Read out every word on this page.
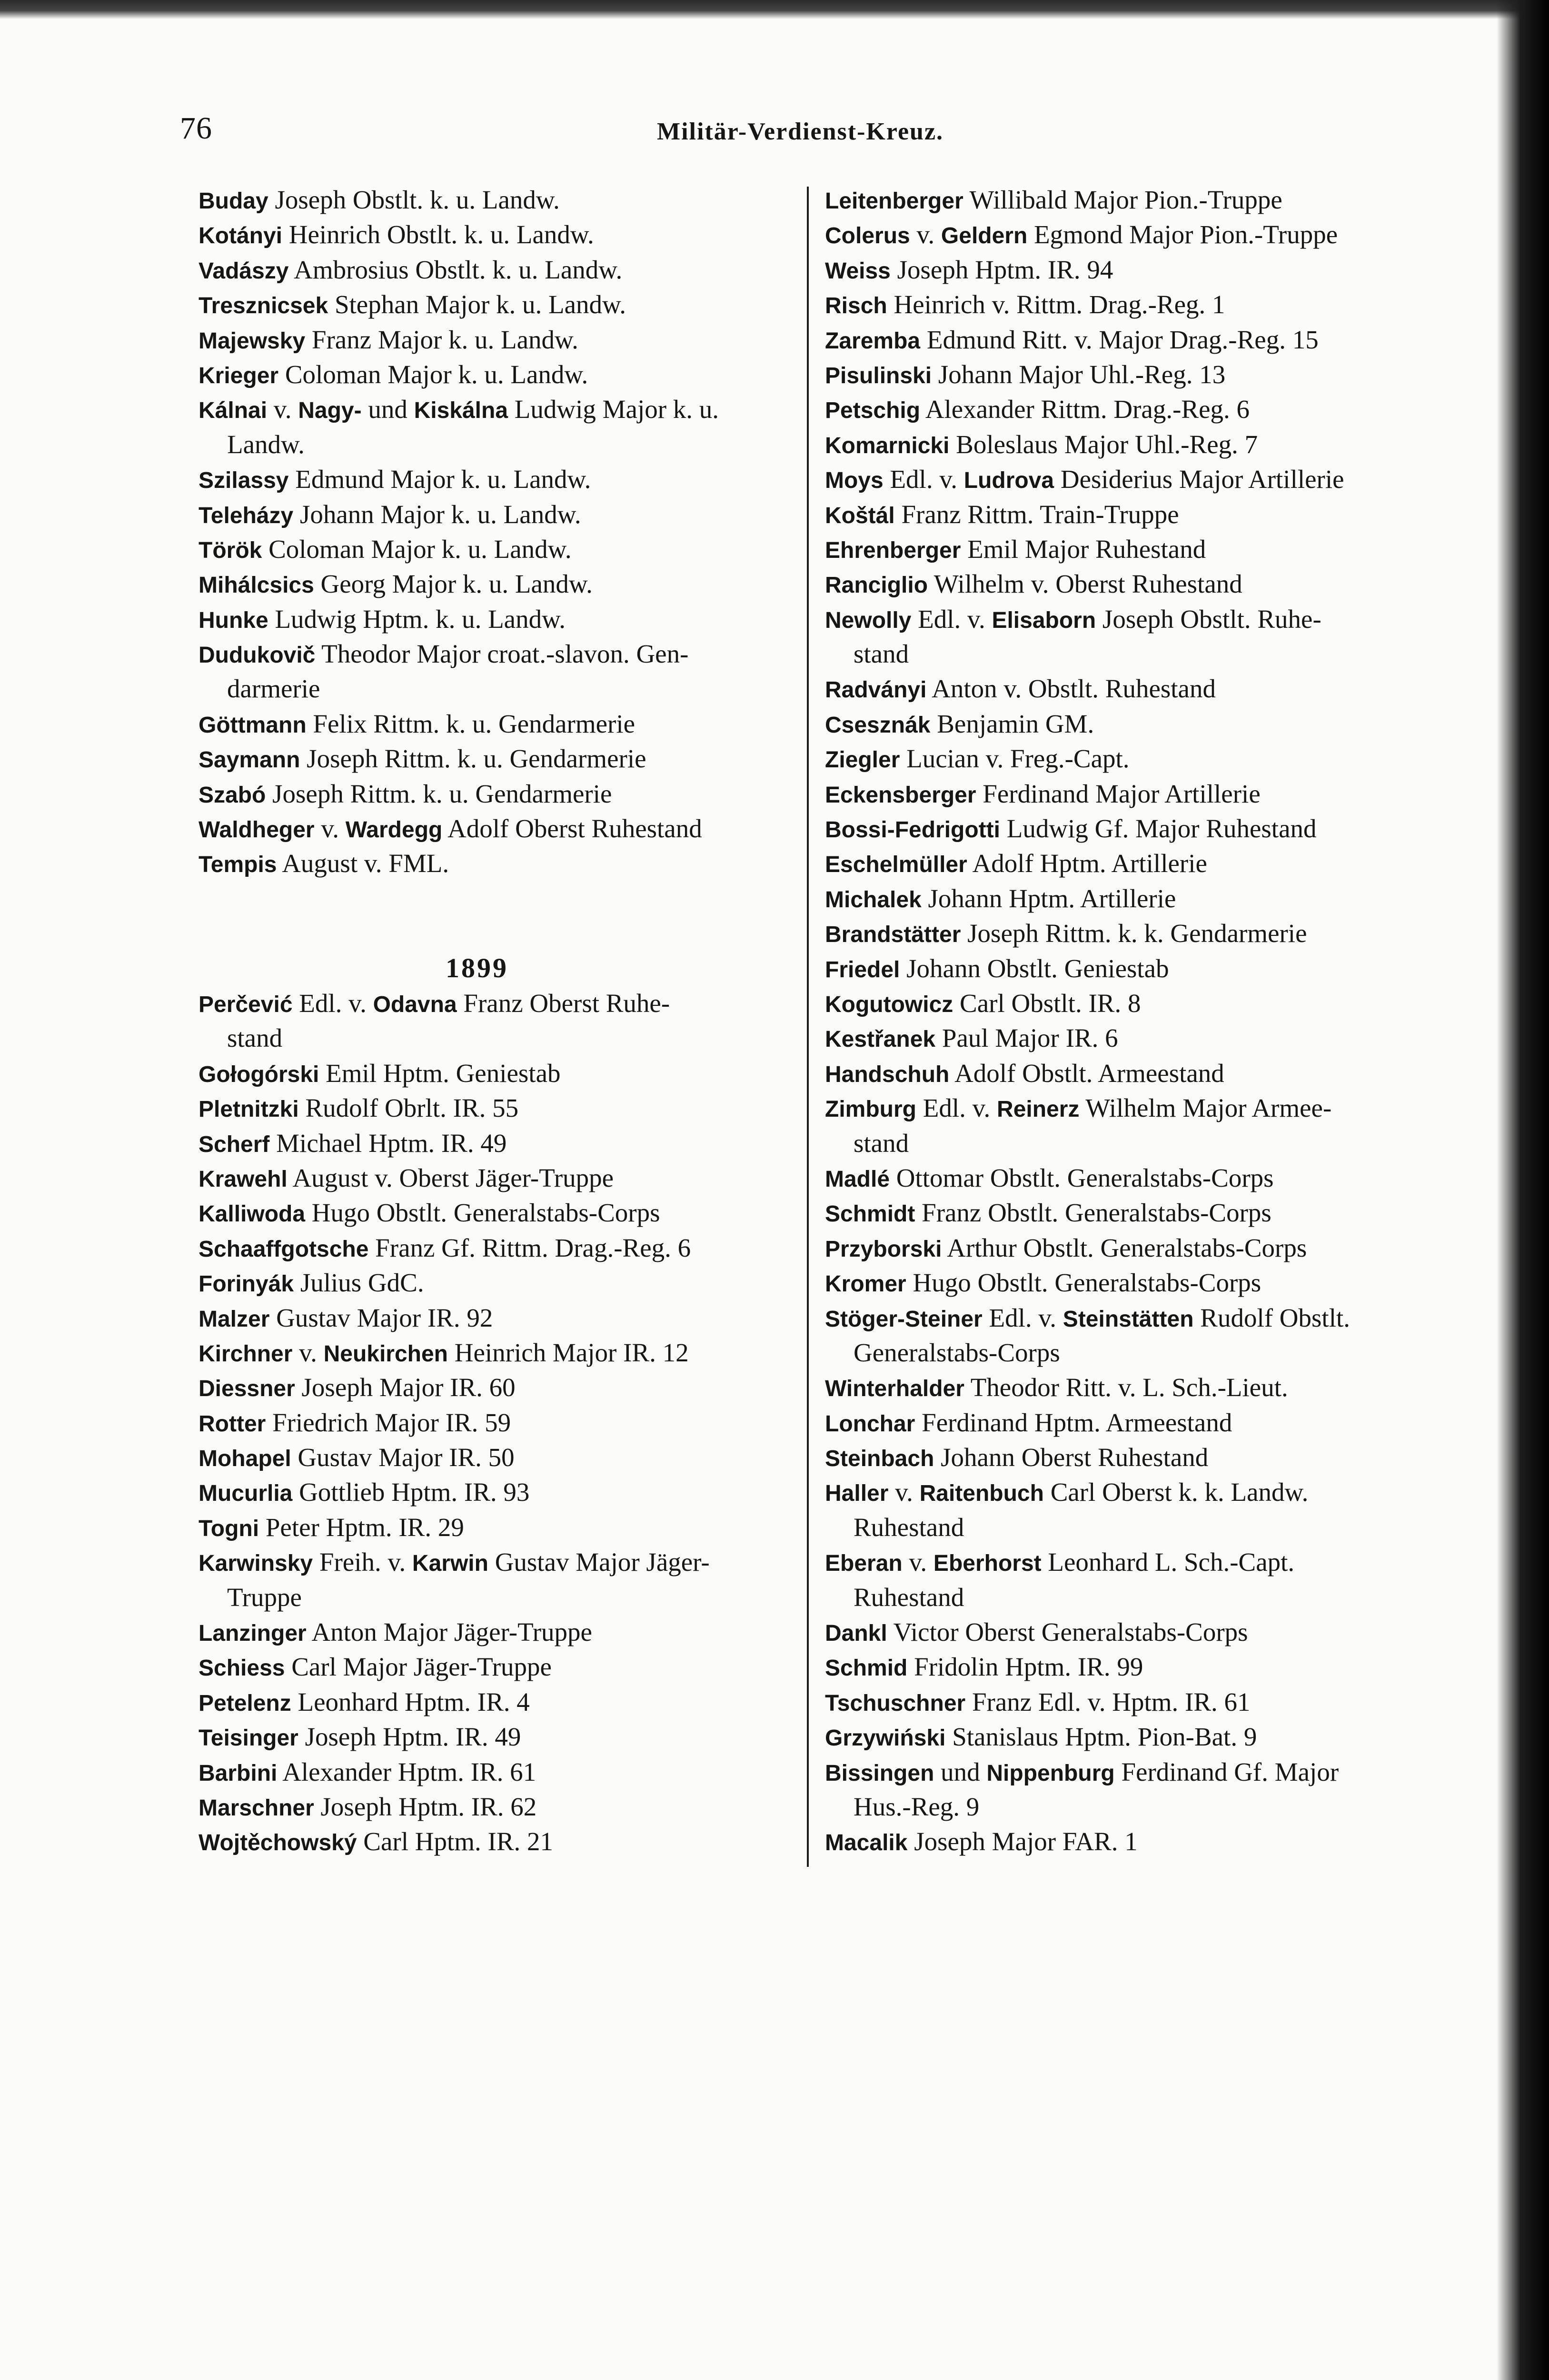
76	Militär-Verdienst-Kreuz.
Buday Joseph Obstlt. k. u. Landw.
Kotányi Heinrich Obstlt. k. u. Landw.
Vadászy Ambrosius Obstlt. k. u. Landw.
Tresznicsek Stephan Major k. u. Landw.
Majewsky Franz Major k. u. Landw.
Krieger Coloman Major k. u. Landw.
Kálnai v. Nagy- und Kiskálna Ludwig Major k. u.
Landw.
Szilassy Edmund Major k. u. Landw.
Teleházy Johann Major k. u. Landw.
Török Coloman Major k. u. Landw.
Mihálcsics Georg Major k. u. Landw.
Hunke Ludwig Hptm. k. u. Landw.
Dudukovič Theodor Major croat.-slavon. Gen-
darmerie
Göttmann Felix Rittm. k. u. Gendarmerie
Saymann Joseph Rittm. k. u. Gendarmerie
Szabó Joseph Rittm. k. u. Gendarmerie
Waldheger v. Wardegg Adolf Oberst Ruhestand
Tempis August v. FML.
1899
Perčević Edl. v. Odavna Franz Oberst Ruhe-
stand
Gołogórski Emil Hptm. Geniestab
Pletnitzki Rudolf Obrlt. IR. 55
Scherf Michael Hptm. IR. 49
Krawehl August v. Oberst Jäger-Truppe
Kalliwoda Hugo Obstlt. Generalstabs-Corps
Schaaffgotsche Franz Gf. Rittm. Drag.-Reg. 6
Forinyák Julius GdC.
Malzer Gustav Major IR. 92
Kirchner v. Neukirchen Heinrich Major IR. 12
Diessner Joseph Major IR. 60
Rotter Friedrich Major IR. 59
Mohapel Gustav Major IR. 50
Mucurlia Gottlieb Hptm. IR. 93
Togni Peter Hptm. IR. 29
Karwinsky Freih. v. Karwin Gustav Major Jäger-
Truppe
Lanzinger Anton Major Jäger-Truppe
Schiess Carl Major Jäger-Truppe
Petelenz Leonhard Hptm. IR. 4
Teisinger Joseph Hptm. IR. 49
Barbini Alexander Hptm. IR. 61
Marschner Joseph Hptm. IR. 62
Wojtěchowský Carl Hptm. IR. 21
Leitenberger Willibald Major Pion.-Truppe
Colerus v. Geldern Egmond Major Pion.-Truppe
Weiss Joseph Hptm. IR. 94
Risch Heinrich v. Rittm. Drag.-Reg. 1
Zaremba Edmund Ritt. v. Major Drag.-Reg. 15
Pisulinski Johann Major Uhl.-Reg. 13
Petschig Alexander Rittm. Drag.-Reg. 6
Komarnicki Boleslaus Major Uhl.-Reg. 7
Moys Edl. v. Ludrova Desiderius Major Artillerie
Koštál Franz Rittm. Train-Truppe
Ehrenberger Emil Major Ruhestand
Ranciglio Wilhelm v. Oberst Ruhestand
Newolly Edl. v. Elisaborn Joseph Obstlt. Ruhe-
stand
Radványi Anton v. Obstlt. Ruhestand
Csesznák Benjamin GM.
Ziegler Lucian v. Freg.-Capt.
Eckensberger Ferdinand Major Artillerie
Bossi-Fedrigotti Ludwig Gf. Major Ruhestand
Eschelmüller Adolf Hptm. Artillerie
Michalek Johann Hptm. Artillerie
Brandstätter Joseph Rittm. k. k. Gendarmerie
Friedel Johann Obstlt. Geniestab
Kogutowicz Carl Obstlt. IR. 8
Kestřanek Paul Major IR. 6
Handschuh Adolf Obstlt. Armeestand
Zimburg Edl. v. Reinerz Wilhelm Major Armee-
stand
Madlé Ottomar Obstlt. Generalstabs-Corps
Schmidt Franz Obstlt. Generalstabs-Corps
Przyborski Arthur Obstlt. Generalstabs-Corps
Kromer Hugo Obstlt. Generalstabs-Corps
Stöger-Steiner Edl. v. Steinstätten Rudolf Obstlt.
Generalstabs-Corps
Winterhalder Theodor Ritt. v. L. Sch.-Lieut.
Lonchar Ferdinand Hptm. Armeestand
Steinbach Johann Oberst Ruhestand
Haller v. Raitenbuch Carl Oberst k. k. Landw.
Ruhestand
Eberan v. Eberhorst Leonhard L. Sch.-Capt.
Ruhestand
Dankl Victor Oberst Generalstabs-Corps
Schmid Fridolin Hptm. IR. 99
Tschuschner Franz Edl. v. Hptm. IR. 61
Grzywiński Stanislaus Hptm. Pion-Bat. 9
Bissingen und Nippenburg Ferdinand Gf. Major
Hus.-Reg. 9
Macalik Joseph Major FAR. 1
